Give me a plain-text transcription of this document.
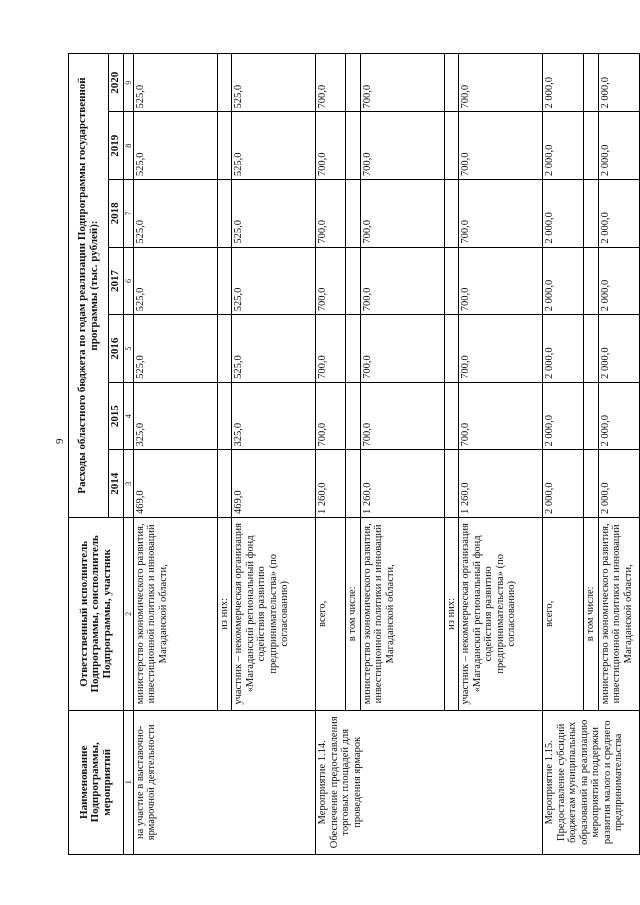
9
Наименование Подпрограммы, мероприятий	Ответственный исполнитель Подпрограммы, соисполнитель Подпрограммы, участник	Расходы областного бюджета по годам реализации Подпрограммы государственной программы (тыс. рублей):						
		2014	2015	2016	2017	2018	2019	2020
1	2	3	4	5	6	7	8	9
на участие в выставочно-ярмарочной деятельности	министерство экономического развития, инвестиционной политики и инноваций Магаданской области,	469,0	325,0	525,0	525,0	525,0	525,0	525,0
	из них:							
	участник – некоммерческая организация «Магаданский региональный фонд содействия развитию предпринимательства» (по согласованию)	469,0	325,0	525,0	525,0	525,0	525,0	525,0
Мероприятие 1.14. Обеспечение предоставления торговых площадей для проведения ярмарок	всего,	1 260,0	700,0	700,0	700,0	700,0	700,0	700,0
	в том числе:							
	министерство экономического развития, инвестиционной политики и инноваций Магаданской области,	1 260,0	700,0	700,0	700,0	700,0	700,0	700,0
	из них:							
	участник – некоммерческая организация «Магаданский региональный фонд содействия развитию предпринимательства» (по согласованию)	1 260,0	700,0	700,0	700,0	700,0	700,0	700,0
Мероприятие 1.15. Предоставление субсидий бюджетам муниципальных образований на реализацию мероприятий поддержки развития малого и среднего предпринимательства	всего,	2 000,0	2 000,0	2 000,0	2 000,0	2 000,0	2 000,0	2 000,0
	в том числе:							
	министерство экономического развития, инвестиционной политики и инноваций Магаданской области,	2 000,0	2 000,0	2 000,0	2 000,0	2 000,0	2 000,0	2 000,0
